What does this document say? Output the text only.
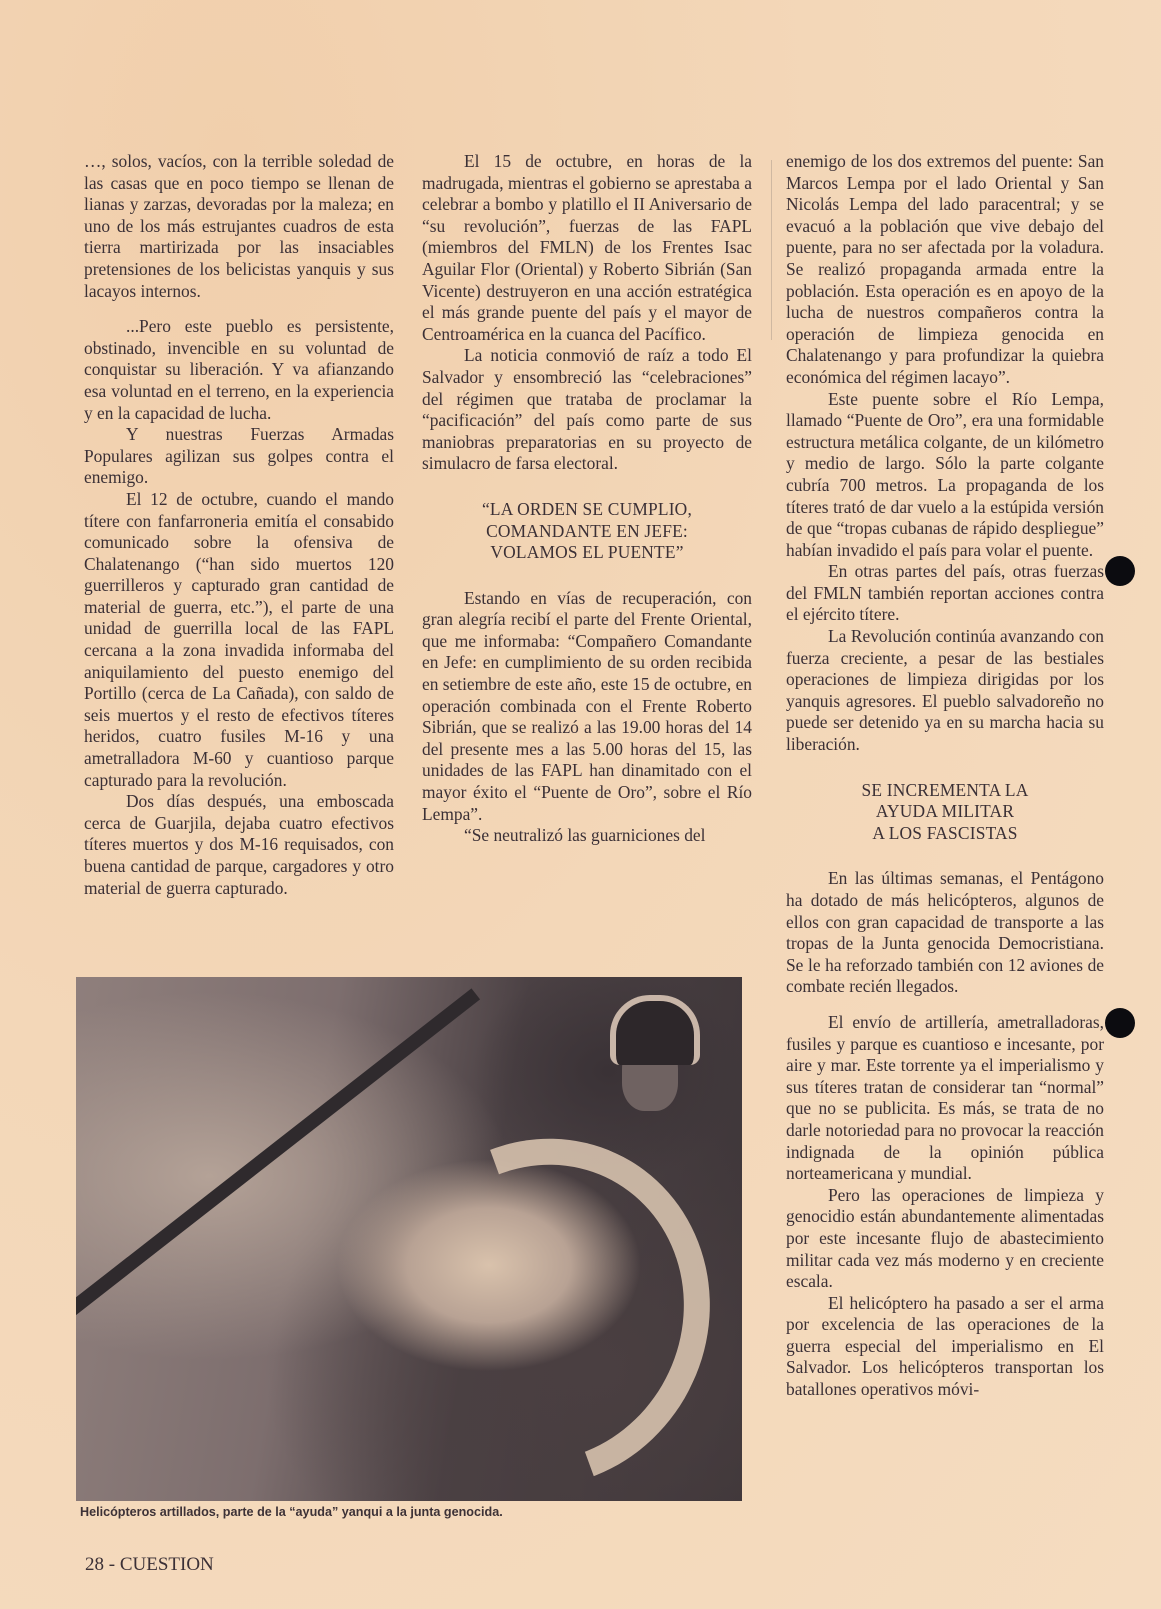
…, solos, vacíos, con la terrible soledad de las casas que en poco tiempo se llenan de lianas y zarzas, devoradas por la maleza; en uno de los más estrujantes cuadros de esta tierra martirizada por las insaciables pretensiones de los belicistas yanquis y sus lacayos internos.

...Pero este pueblo es persistente, obstinado, invencible en su voluntad de conquistar su liberación. Y va afianzando esa voluntad en el terreno, en la experiencia y en la capacidad de lucha.

Y nuestras Fuerzas Armadas Populares agilizan sus golpes contra el enemigo.

El 12 de octubre, cuando el mando títere con fanfarroneria emitía el consabido comunicado sobre la ofensiva de Chalatenango (“han sido muertos 120 guerrilleros y capturado gran cantidad de material de guerra, etc.”), el parte de una unidad de guerrilla local de las FAPL cercana a la zona invadida informaba del aniquilamiento del puesto enemigo del Portillo (cerca de La Cañada), con saldo de seis muertos y el resto de efectivos títeres heridos, cuatro fusiles M-16 y una ametralladora M-60 y cuantioso parque capturado para la revolución.

Dos días después, una emboscada cerca de Guarjila, dejaba cuatro efectivos títeres muertos y dos M-16 requisados, con buena cantidad de parque, cargadores y otro material de guerra capturado.

El 15 de octubre, en horas de la madrugada, mientras el gobierno se aprestaba a celebrar a bombo y platillo el II Aniversario de “su revolución”, fuerzas de las FAPL (miembros del FMLN) de los Frentes Isac Aguilar Flor (Oriental) y Roberto Sibrián (San Vicente) destruyeron en una acción estratégica el más grande puente del país y el mayor de Centroamérica en la cuanca del Pacífico.

La noticia conmovió de raíz a todo El Salvador y ensombreció las “celebraciones” del régimen que trataba de proclamar la “pacificación” del país como parte de sus maniobras preparatorias en su proyecto de simulacro de farsa electoral.

“LA ORDEN SE CUMPLIO,
COMANDANTE EN JEFE:
VOLAMOS EL PUENTE”

Estando en vías de recuperación, con gran alegría recibí el parte del Frente Oriental, que me informaba: “Compañero Comandante en Jefe: en cumplimiento de su orden recibida en setiembre de este año, este 15 de octubre, en operación combinada con el Frente Roberto Sibrián, que se realizó a las 19.00 horas del 14 del presente mes a las 5.00 horas del 15, las unidades de las FAPL han dinamitado con el mayor éxito el “Puente de Oro”, sobre el Río Lempa”.

“Se neutralizó las guarniciones del

enemigo de los dos extremos del puente: San Marcos Lempa por el lado Oriental y San Nicolás Lempa del lado paracentral; y se evacuó a la población que vive debajo del puente, para no ser afectada por la voladura. Se realizó propaganda armada entre la población. Esta operación es en apoyo de la lucha de nuestros compañeros contra la operación de limpieza genocida en Chalatenango y para profundizar la quiebra económica del régimen lacayo”.

Este puente sobre el Río Lempa, llamado “Puente de Oro”, era una formidable estructura metálica colgante, de un kilómetro y medio de largo. Sólo la parte colgante cubría 700 metros. La propaganda de los títeres trató de dar vuelo a la estúpida versión de que “tropas cubanas de rápido despliegue” habían invadido el país para volar el puente.

En otras partes del país, otras fuerzas del FMLN también reportan acciones contra el ejército títere.

La Revolución continúa avanzando con fuerza creciente, a pesar de las bestiales operaciones de limpieza dirigidas por los yanquis agresores. El pueblo salvadoreño no puede ser detenido ya en su marcha hacia su liberación.

SE INCREMENTA LA
AYUDA MILITAR
A LOS FASCISTAS

En las últimas semanas, el Pentágono ha dotado de más helicópteros, algunos de ellos con gran capacidad de transporte a las tropas de la Junta genocida Democristiana. Se le ha reforzado también con 12 aviones de combate recién llegados.

El envío de artillería, ametralladoras, fusiles y parque es cuantioso e incesante, por aire y mar. Este torrente ya el imperialismo y sus títeres tratan de considerar tan “normal” que no se publicita. Es más, se trata de no darle notoriedad para no provocar la reacción indignada de la opinión pública norteamericana y mundial.

Pero las operaciones de limpieza y genocidio están abundantemente alimentadas por este incesante flujo de abastecimiento militar cada vez más moderno y en creciente escala.

El helicóptero ha pasado a ser el arma por excelencia de las operaciones de la guerra especial del imperialismo en El Salvador. Los helicópteros transportan los batallones operativos móvi-

Helicópteros artillados, parte de la “ayuda” yanqui a la junta genocida.
28 - CUESTION
